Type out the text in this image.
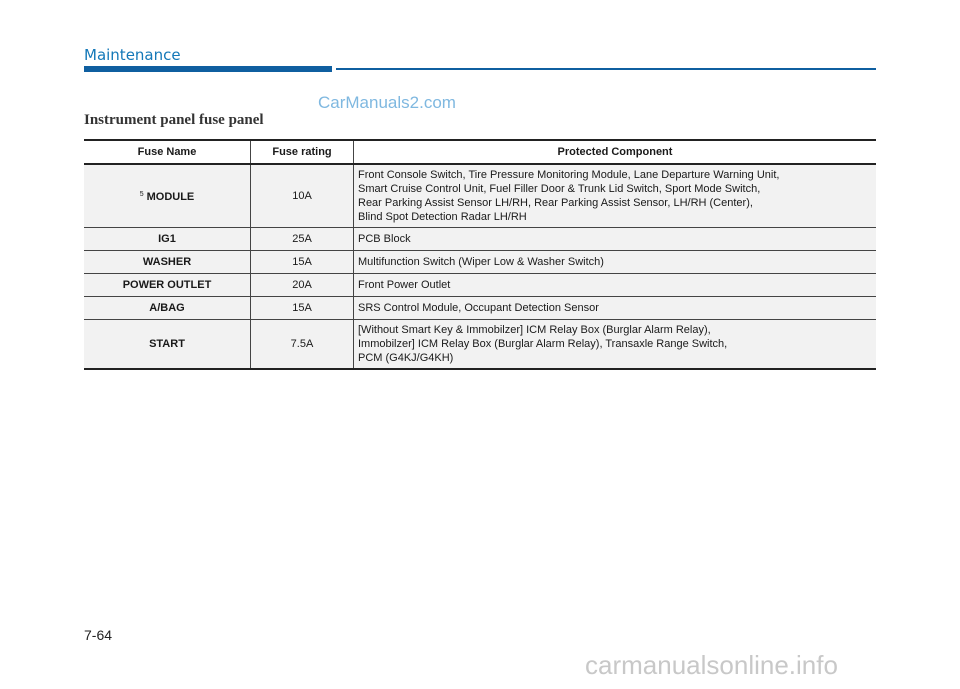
Maintenance
CarManuals2.com
Instrument panel fuse panel
Fuse Name	Fuse rating	Protected Component
$^5$ MODULE	10A	Front Console Switch, Tire Pressure Monitoring Module, Lane Departure Warning Unit,
Smart Cruise Control Unit, Fuel Filler Door & Trunk Lid Switch, Sport Mode Switch,
Rear Parking Assist Sensor LH/RH, Rear Parking Assist Sensor, LH/RH (Center),
Blind Spot Detection Radar LH/RH

IG1	25A	PCB Block

WASHER	15A	Multifunction Switch (Wiper Low & Washer Switch)

POWER OUTLET	20A	Front Power Outlet

A/BAG	15A	SRS Control Module, Occupant Detection Sensor

START	7.5A	[Without Smart Key & Immobilzer] ICM Relay Box (Burglar Alarm Relay),
Immobilzer] ICM Relay Box (Burglar Alarm Relay), Transaxle Range Switch,
PCM (G4KJ/G4KH)
7-64
carmanualsonline.info
